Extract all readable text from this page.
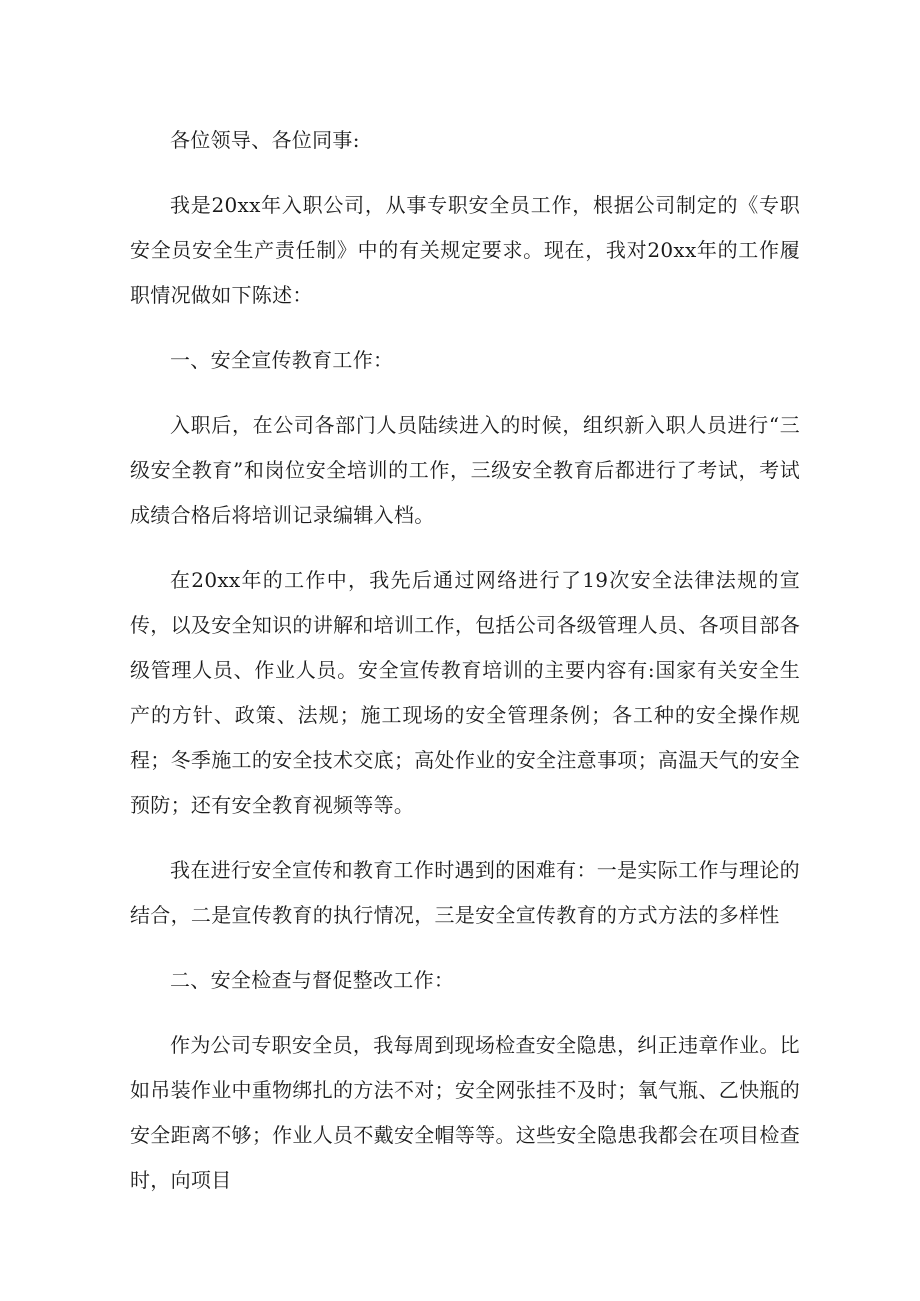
各位领导、各位同事:

我是20xx年入职公司，从事专职安全员工作，根据公司制定的《专职安全员安全生产责任制》中的有关规定要求。现在，我对20xx年的工作履职情况做如下陈述：

一、安全宣传教育工作：

入职后，在公司各部门人员陆续进入的时候，组织新入职人员进行“三级安全教育”和岗位安全培训的工作，三级安全教育后都进行了考试，考试成绩合格后将培训记录编辑入档。

在20xx年的工作中，我先后通过网络进行了19次安全法律法规的宣传，以及安全知识的讲解和培训工作，包括公司各级管理人员、各项目部各级管理人员、作业人员。安全宣传教育培训的主要内容有:国家有关安全生产的方针、政策、法规；施工现场的安全管理条例；各工种的安全操作规程；冬季施工的安全技术交底；高处作业的安全注意事项；高温天气的安全预防；还有安全教育视频等等。

我在进行安全宣传和教育工作时遇到的困难有：一是实际工作与理论的结合，二是宣传教育的执行情况，三是安全宣传教育的方式方法的多样性

二、安全检查与督促整改工作：

作为公司专职安全员，我每周到现场检查安全隐患，纠正违章作业。比如吊装作业中重物绑扎的方法不对；安全网张挂不及时；氧气瓶、乙快瓶的安全距离不够；作业人员不戴安全帽等等。这些安全隐患我都会在项目检查时，向项目
